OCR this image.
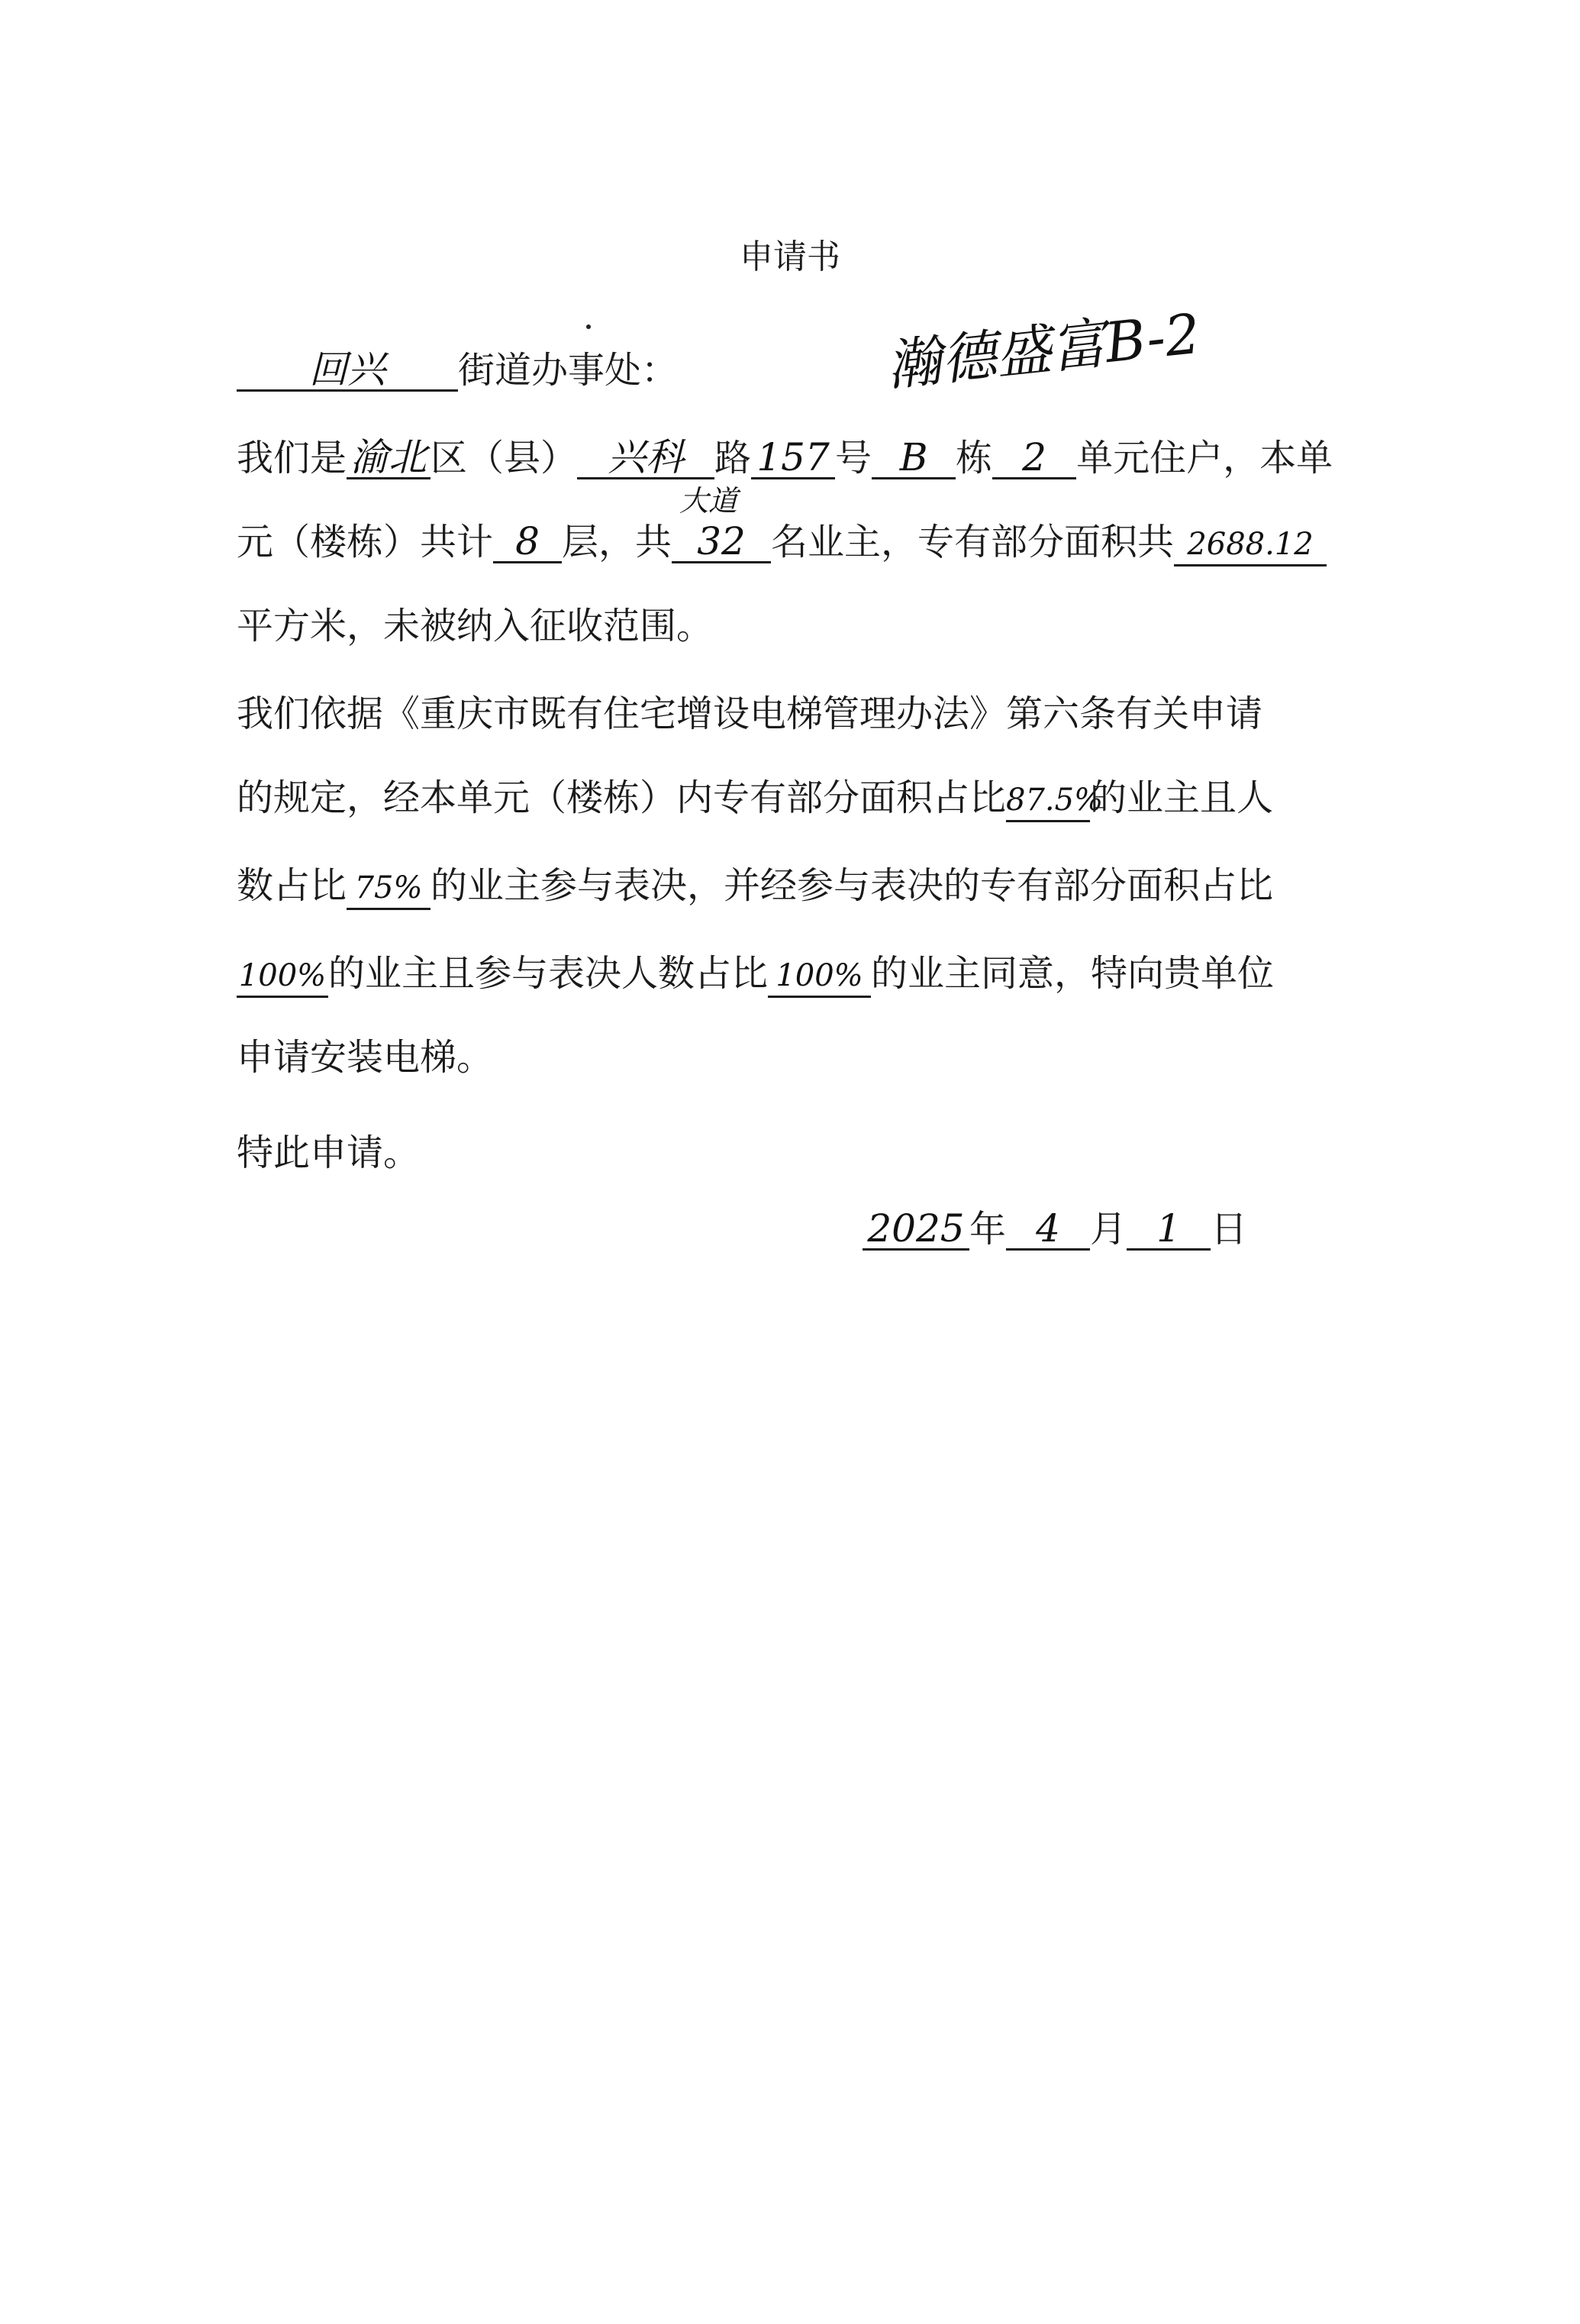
申请书
瀚德盛富B-2
回兴 街道办事处：
我们是 渝北 区（县） 兴科 路 157 号 B 栋 2 单元住户，本单
大道
元（楼栋）共计 8 层，共 32 名业主，专有部分面积共 2688.12
平方米，未被纳入征收范围。
我们依据《重庆市既有住宅增设电梯管理办法》第六条有关申请
的规定，经本单元（楼栋）内专有部分面积占比87.5%的业主且人
数占比 75% 的业主参与表决，并经参与表决的专有部分面积占比
100%的业主且参与表决人数占比 100% 的业主同意，特向贵单位
申请安装电梯。
特此申请。
2025 年 4 月 1 日
